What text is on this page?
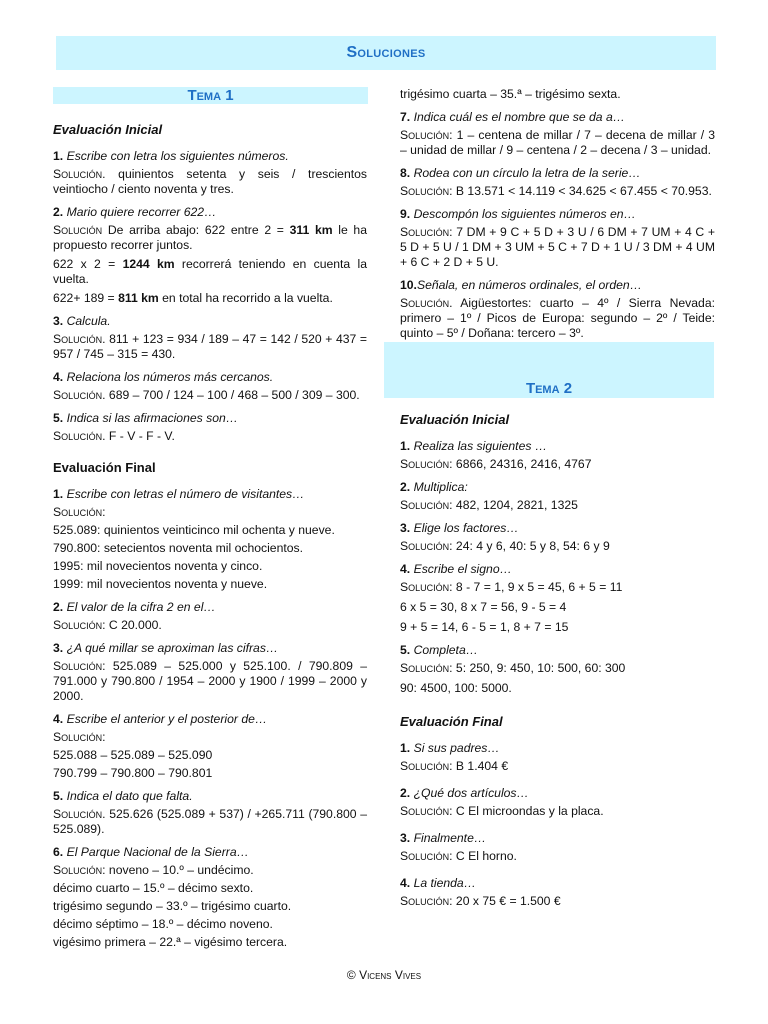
Soluciones
Tema 1
Evaluación Inicial
1. Escribe con letra los siguientes números.

Solución. quinientos setenta y seis / trescientos veintiocho / ciento noventa y tres.

2. Mario quiere recorrer 622…

Solución De arriba abajo: 622 entre 2 = 311 km le ha propuesto recorrer juntos.

622 x 2 = 1244 km recorrerá teniendo en cuenta la vuelta.

622+ 189 = 811 km en total ha recorrido a la vuelta.

3. Calcula.

Solución. 811 + 123 = 934 / 189 – 47 = 142 / 520 + 437 = 957 / 745 – 315 = 430.

4. Relaciona los números más cercanos.

Solución. 689 – 700 / 124 – 100 / 468 – 500 / 309 – 300.

5. Indica si las afirmaciones son…

Solución. F - V - F - V.

Evaluación Final
1. Escribe con letras el número de visitantes…

Solución:

525.089: quinientos veinticinco mil ochenta y nueve.

790.800: setecientos noventa mil ochocientos.

1995: mil novecientos noventa y cinco.

1999: mil novecientos noventa y nueve.

2. El valor de la cifra 2 en el…

Solución: C 20.000.

3. ¿A qué millar se aproximan las cifras…

Solución: 525.089 – 525.000 y 525.100. / 790.809 – 791.000 y 790.800 / 1954 – 2000 y 1900 / 1999 – 2000 y 2000.

4. Escribe el anterior y el posterior de…

Solución:

525.088 – 525.089 – 525.090

790.799 – 790.800 – 790.801

5. Indica el dato que falta.

Solución. 525.626 (525.089 + 537) / +265.711 (790.800 – 525.089).

6. El Parque Nacional de la Sierra…

Solución: noveno – 10.º – undécimo.

décimo cuarto – 15.º – décimo sexto.

trigésimo segundo – 33.º – trigésimo cuarto.

décimo séptimo – 18.º – décimo noveno.

vigésimo primera – 22.ª – vigésimo tercera.

trigésimo cuarta – 35.ª – trigésimo sexta.

7. Indica cuál es el nombre que se da a…

Solución: 1 – centena de millar / 7 – decena de millar / 3 – unidad de millar / 9 – centena / 2 – decena / 3 – unidad.

8. Rodea con un círculo la letra de la serie…

Solución: B 13.571 < 14.119 < 34.625 < 67.455 < 70.953.

9. Descompón los siguientes números en…

Solución: 7 DM + 9 C + 5 D + 3 U / 6 DM + 7 UM + 4 C + 5 D + 5 U / 1 DM + 3 UM + 5 C + 7 D + 1 U / 3 DM + 4 UM + 6 C + 2 D + 5 U.

10.Señala, en números ordinales, el orden…

Solución. Aigüestortes: cuarto – 4º / Sierra Nevada: primero – 1º / Picos de Europa: segundo – 2º / Teide: quinto – 5º / Doñana: tercero – 3º.

Tema 2
Evaluación Inicial
1. Realiza las siguientes …

Solución: 6866, 24316, 2416, 4767

2. Multiplica:

Solución: 482, 1204, 2821, 1325

3. Elige los factores…

Solución: 24: 4 y 6, 40: 5 y 8, 54: 6 y 9

4. Escribe el signo…

Solución: 8 - 7 = 1, 9 x 5 = 45, 6 + 5 = 11

6 x 5 = 30, 8 x 7 = 56, 9 - 5 = 4

9 + 5 = 14, 6 - 5 = 1, 8 + 7 = 15

5. Completa…

Solución: 5: 250, 9: 450, 10: 500, 60: 300

90: 4500, 100: 5000.

Evaluación Final
1. Si sus padres…

Solución: B 1.404 €

2. ¿Qué dos artículos…

Solución: C El microondas y la placa.

3. Finalmente…

Solución: C El horno.

4. La tienda…

Solución: 20 x 75 € = 1.500 €

© Vicens Vives
